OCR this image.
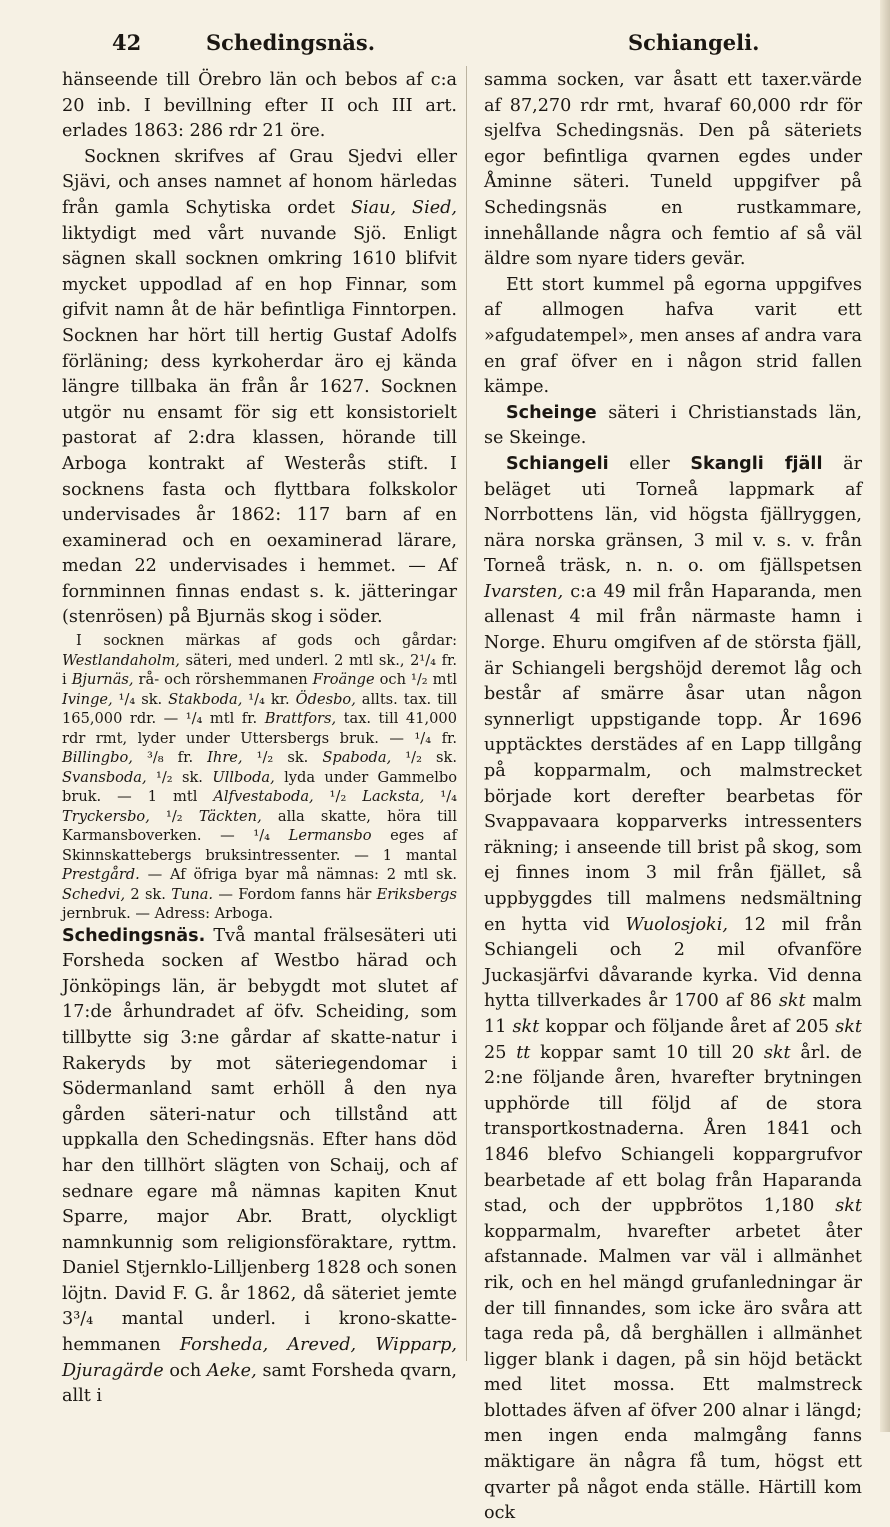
42	Schedingsnäs.	Schiangeli.

hänseende till Örebro län och bebos af c:a 20 inb. I bevillning efter II och III art. erlades 1863: 286 rdr 21 öre.

Socknen skrifves af Grau Sjedvi eller Sjävi, och anses namnet af honom härledas från gamla Schytiska ordet Siau, Sied, liktydigt med vårt nuvande Sjö. Enligt sägnen skall socknen omkring 1610 blifvit mycket uppodlad af en hop Finnar, som gifvit namn åt de här befintliga Finntorpen. Socknen har hört till hertig Gustaf Adolfs förläning; dess kyrkoherdar äro ej kända längre tillbaka än från år 1627. Socknen utgör nu ensamt för sig ett konsistorielt pastorat af 2:dra klassen, hörande till Arboga kontrakt af Westerås stift. I socknens fasta och flyttbara folkskolor undervisades år 1862: 117 barn af en examinerad och en oexaminerad lärare, medan 22 undervisades i hemmet. — Af fornminnen finnas endast s. k. jätteringar (stenrösen) på Bjurnäs skog i söder.

I socknen märkas af gods och gårdar: Westlandaholm, säteri, med underl. 2 mtl sk., 2¹/₄ fr. i Bjurnäs, rå- och rörshemmanen Froänge och ¹/₂ mtl Ivinge, ¹/₄ sk. Stakboda, ¹/₄ kr. Ödesbo, allts. tax. till 165,000 rdr. — ¹/₄ mtl fr. Brattfors, tax. till 41,000 rdr rmt, lyder under Uttersbergs bruk. — ¹/₄ fr. Billingbo, ³/₈ fr. Ihre, ¹/₂ sk. Spaboda, ¹/₂ sk. Svansboda, ¹/₂ sk. Ullboda, lyda under Gammelbo bruk. — 1 mtl Alfvestaboda, ¹/₂ Lacksta, ¹/₄ Tryckersbo, ¹/₂ Täckten, alla skatte, höra till Karmansboverken. — ¹/₄ Lermansbo eges af Skinnskattebergs bruksintressenter. — 1 mantal Prestgård. — Af öfriga byar må nämnas: 2 mtl sk. Schedvi, 2 sk. Tuna. — Fordom fanns här Eriksbergs jernbruk. — Adress: Arboga.

Schedingsnäs. Två mantal frälsesäteri uti Forsheda socken af Westbo härad och Jönköpings län, är bebygdt mot slutet af 17:de århundradet af öfv. Scheiding, som tillbytte sig 3:ne gårdar af skatte-natur i Rakeryds by mot säteriegendomar i Södermanland samt erhöll å den nya gården säteri-natur och tillstånd att uppkalla den Schedingsnäs. Efter hans död har den tillhört slägten von Schaij, och af sednare egare må nämnas kapiten Knut Sparre, major Abr. Bratt, olyckligt namnkunnig som religionsföraktare, ryttm. Daniel Stjernklo-Lilljenberg 1828 och sonen löjtn. David F. G. år 1862, då säteriet jemte 3³/₄ mantal underl. i krono-skatte-hemmanen Forsheda, Areved, Wipparp, Djuragärde och Aeke, samt Forsheda qvarn, allt i

samma socken, var åsatt ett taxer.värde af 87,270 rdr rmt, hvaraf 60,000 rdr för sjelfva Schedingsnäs. Den på säteriets egor befintliga qvarnen egdes under Åminne säteri. Tuneld uppgifver på Schedingsnäs en rustkammare, innehållande några och femtio af så väl äldre som nyare tiders gevär.

Ett stort kummel på egorna uppgifves af allmogen hafva varit ett »afgudatempel», men anses af andra vara en graf öfver en i någon strid fallen kämpe.

Scheinge säteri i Christianstads län, se Skeinge.

Schiangeli eller Skangli fjäll är beläget uti Torneå lappmark af Norrbottens län, vid högsta fjällryggen, nära norska gränsen, 3 mil v. s. v. från Torneå träsk, n. n. o. om fjällspetsen Ivarsten, c:a 49 mil från Haparanda, men allenast 4 mil från närmaste hamn i Norge. Ehuru omgifven af de största fjäll, är Schiangeli bergshöjd deremot låg och består af smärre åsar utan någon synnerligt uppstigande topp. År 1696 upptäcktes derstädes af en Lapp tillgång på kopparmalm, och malmstrecket började kort derefter bearbetas för Svappavaara kopparverks intressenters räkning; i anseende till brist på skog, som ej finnes inom 3 mil från fjället, så uppbyggdes till malmens nedsmältning en hytta vid Wuolosjoki, 12 mil från Schiangeli och 2 mil ofvanföre Juckasjärfvi dåvarande kyrka. Vid denna hytta tillverkades år 1700 af 86 skt malm 11 skt koppar och följande året af 205 skt 25 tt koppar samt 10 till 20 skt årl. de 2:ne följande åren, hvarefter brytningen upphörde till följd af de stora transportkostnaderna. Åren 1841 och 1846 blefvo Schiangeli koppargrufvor bearbetade af ett bolag från Haparanda stad, och der uppbrötos 1,180 skt kopparmalm, hvarefter arbetet åter afstannade. Malmen var väl i allmänhet rik, och en hel mängd grufanledningar är der till finnandes, som icke äro svåra att taga reda på, då berghällen i allmänhet ligger blank i dagen, på sin höjd betäckt med litet mossa. Ett malmstreck blottades äfven af öfver 200 alnar i längd; men ingen enda malmgång fanns mäktigare än några få tum, högst ett qvarter på något enda ställe. Härtill kom ock
